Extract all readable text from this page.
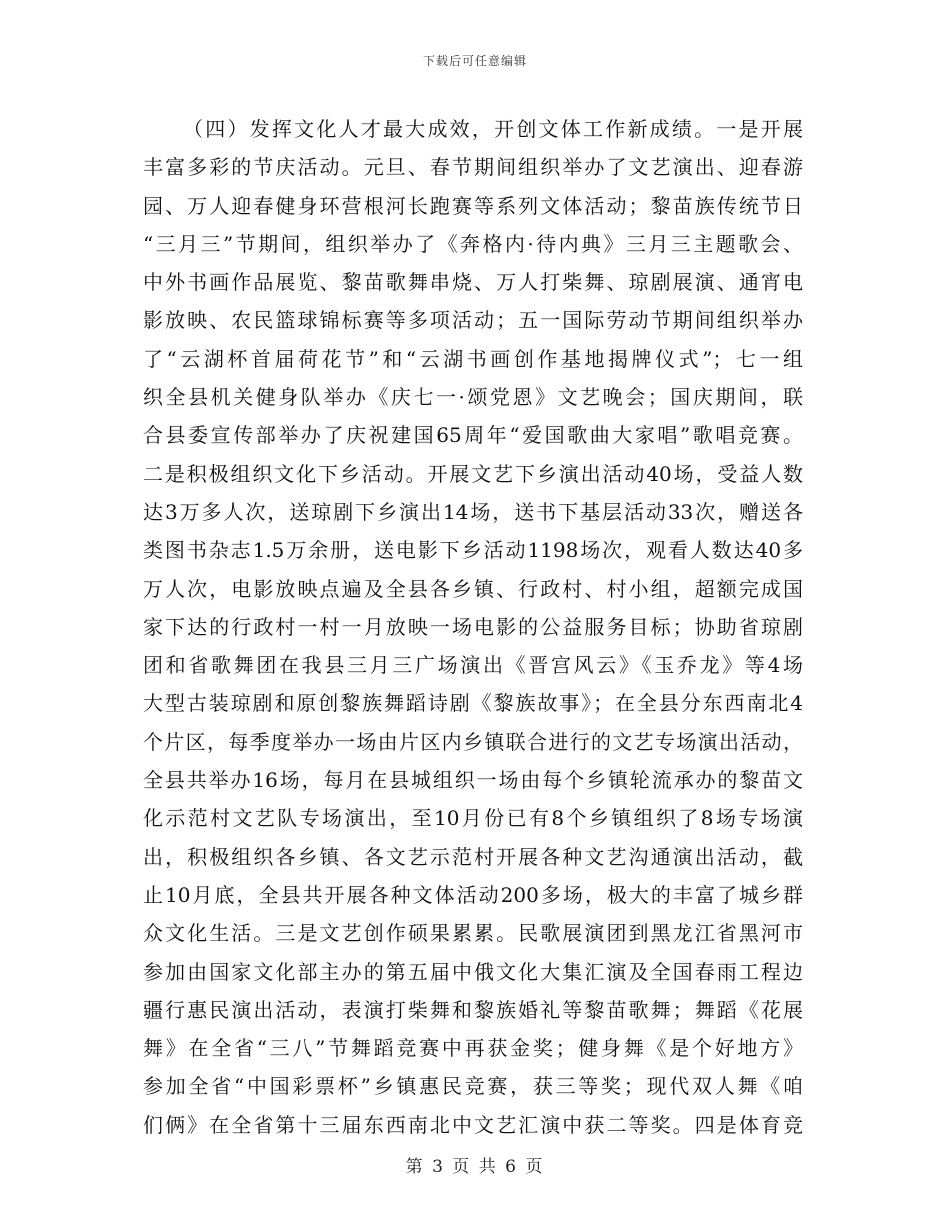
下载后可任意编辑
（四）发挥文化人才最大成效，开创文体工作新成绩。一是开展
丰富多彩的节庆活动。元旦、春节期间组织举办了文艺演出、迎春游
园、万人迎春健身环营根河长跑赛等系列文体活动；黎苗族传统节日
“三月三”节期间，组织举办了《奔格内·待内典》三月三主题歌会、
中外书画作品展览、黎苗歌舞串烧、万人打柴舞、琼剧展演、通宵电
影放映、农民篮球锦标赛等多项活动；五一国际劳动节期间组织举办
了“云湖杯首届荷花节”和“云湖书画创作基地揭牌仪式”；七一组
织全县机关健身队举办《庆七一·颂党恩》文艺晚会；国庆期间，联
合县委宣传部举办了庆祝建国65周年“爱国歌曲大家唱”歌唱竞赛。
二是积极组织文化下乡活动。开展文艺下乡演出活动40场，受益人数
达3万多人次，送琼剧下乡演出14场，送书下基层活动33次，赠送各
类图书杂志1.5万余册，送电影下乡活动1198场次，观看人数达40多
万人次，电影放映点遍及全县各乡镇、行政村、村小组，超额完成国
家下达的行政村一村一月放映一场电影的公益服务目标；协助省琼剧
团和省歌舞团在我县三月三广场演出《晋宫风云》《玉乔龙》等4场
大型古装琼剧和原创黎族舞蹈诗剧《黎族故事》；在全县分东西南北4
个片区，每季度举办一场由片区内乡镇联合进行的文艺专场演出活动，
全县共举办16场，每月在县城组织一场由每个乡镇轮流承办的黎苗文
化示范村文艺队专场演出，至10月份已有8个乡镇组织了8场专场演
出，积极组织各乡镇、各文艺示范村开展各种文艺沟通演出活动，截
止10月底，全县共开展各种文体活动200多场，极大的丰富了城乡群
众文化生活。三是文艺创作硕果累累。民歌展演团到黑龙江省黑河市
参加由国家文化部主办的第五届中俄文化大集汇演及全国春雨工程边
疆行惠民演出活动，表演打柴舞和黎族婚礼等黎苗歌舞；舞蹈《花展
舞》在全省“三八”节舞蹈竞赛中再获金奖；健身舞《是个好地方》
参加全省“中国彩票杯”乡镇惠民竞赛，获三等奖；现代双人舞《咱
们俩》在全省第十三届东西南北中文艺汇演中获二等奖。四是体育竞
第 3 页 共 6 页
